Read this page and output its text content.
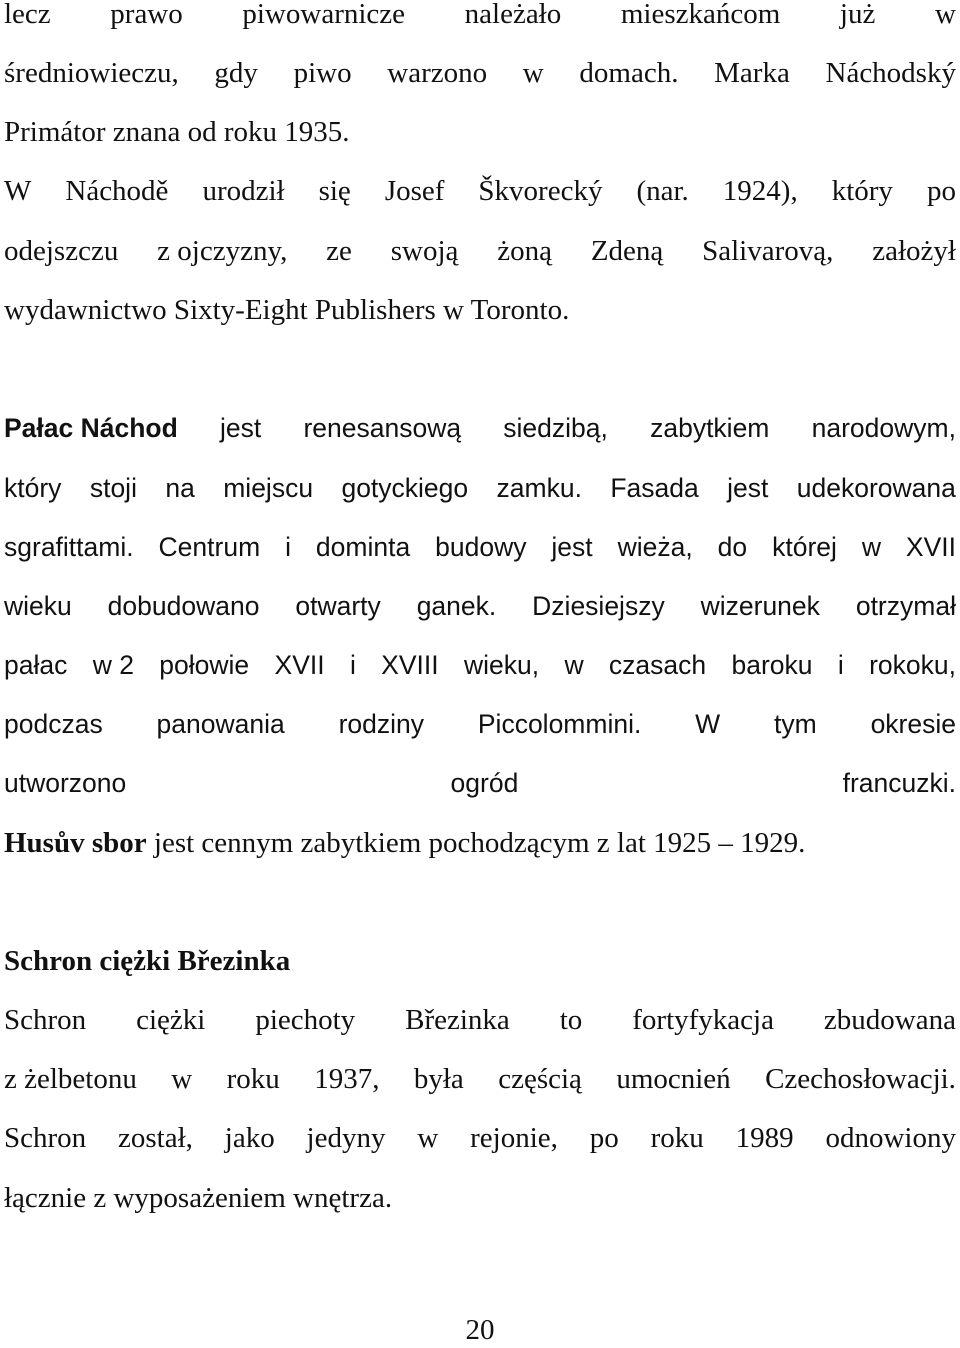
lecz prawo piwowarnicze należało mieszkańcom już w
średniowieczu, gdy piwo warzono w domach. Marka Náchodský
Primátor znana od roku 1935.
W Náchodě urodził się Josef Škvorecký (nar. 1924), który po
odejszczu z ojczyzny, ze swoją żoną Zdeną Salivarovą, założył
wydawnictwo Sixty-Eight Publishers w Toronto.
Pałac Náchod jest renesansową siedzibą, zabytkiem narodowym,
który stoji na miejscu gotyckiego zamku. Fasada jest udekorowana
sgrafittami. Centrum i dominta budowy jest wieża, do której w XVII
wieku dobudowano otwarty ganek. Dziesiejszy wizerunek otrzymał
pałac w 2 połowie XVII i XVIII wieku, w czasach baroku i rokoku,
podczas panowania rodziny Piccolommini. W tym okresie
utworzono	ogród	francuzki.
Husův sbor jest cennym zabytkiem pochodzącym z lat 1925 – 1929.
Schron ciężki Březinka
Schron ciężki piechoty Březinka to fortyfykacja zbudowana
z żelbetonu w roku 1937, była częścią umocnień Czechosłowacji.
Schron został, jako jedyny w rejonie, po roku 1989 odnowiony
łącznie z wyposażeniem wnętrza.
20
